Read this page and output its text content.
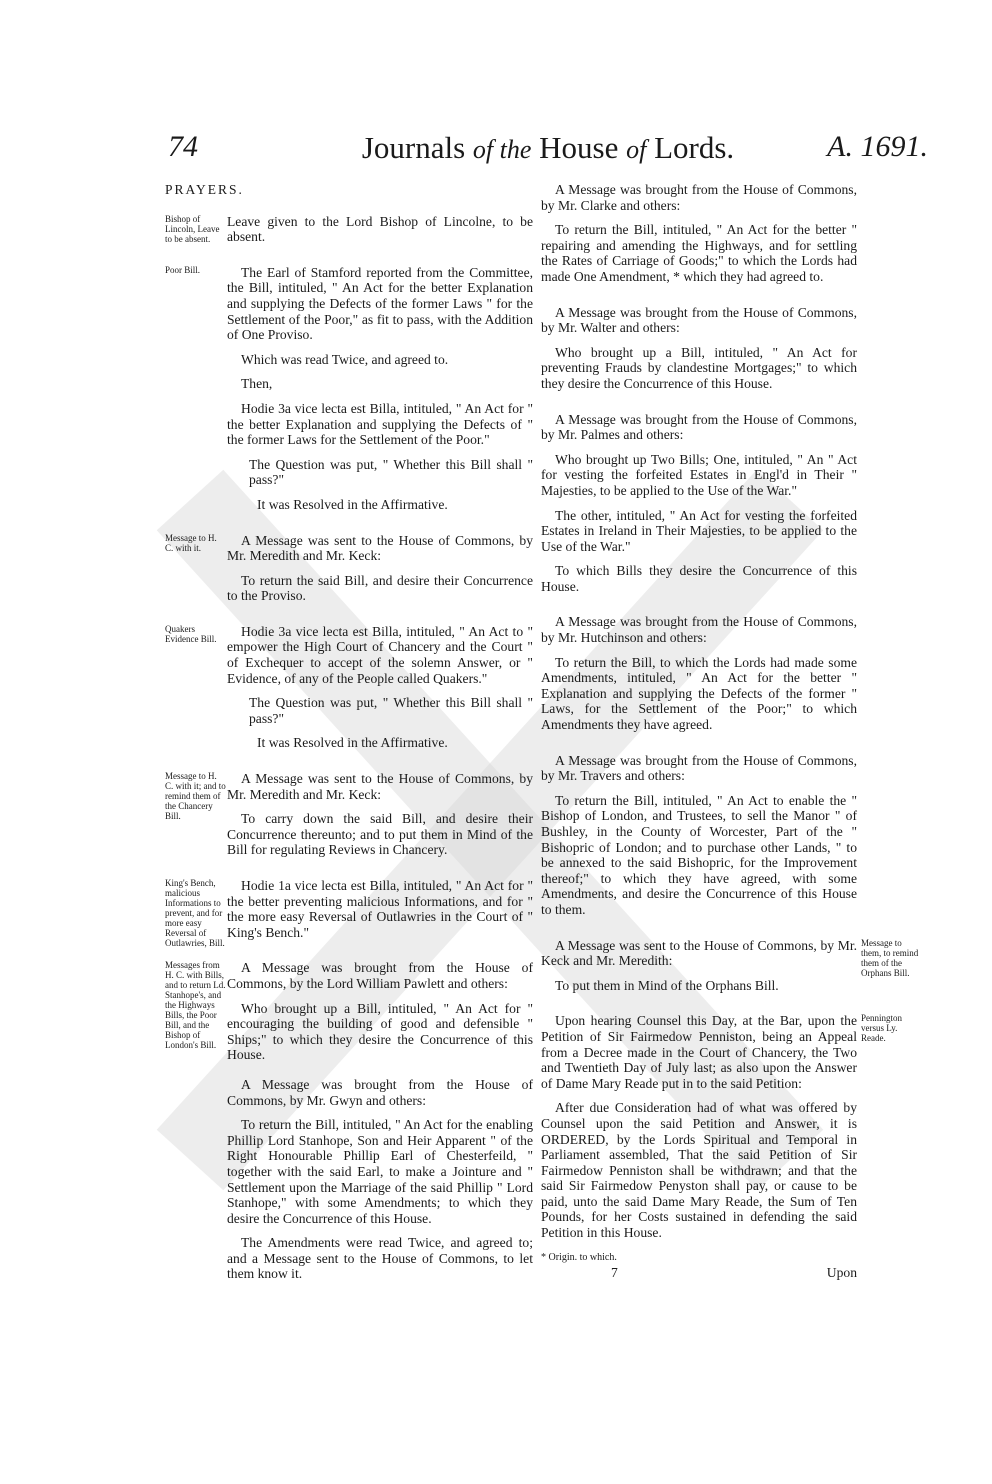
74	Journals of the House of Lords.	A. 1691.

PRAYERS.

Bishop of Lincoln, Leave to be absent.

Leave given to the Lord Bishop of Lincolne, to be absent.

Poor Bill.	The Earl of Stamford reported from the Committee, the Bill, intituled, " An Act for the better Explanation and supplying the Defects of the former Laws " for the Settlement of the Poor," as fit to pass, with the Addition of One Proviso.

Which was read Twice, and agreed to.

Then,

Hodie 3a vice lecta est Billa, intituled, " An Act for " the better Explanation and supplying the Defects of " the former Laws for the Settlement of the Poor."

The Question was put, " Whether this Bill shall " pass?"

It was Resolved in the Affirmative.

Message to H. C. with it.	A Message was sent to the House of Commons, by Mr. Meredith and Mr. Keck:

To return the said Bill, and desire their Concurrence to the Proviso.

Quakers Evidence Bill.	Hodie 3a vice lecta est Billa, intituled, " An Act to " empower the High Court of Chancery and the Court " of Exchequer to accept of the solemn Answer, or " Evidence, of any of the People called Quakers."

The Question was put, " Whether this Bill shall " pass?"

It was Resolved in the Affirmative.

Message to H. C. with it; and to remind them of the Chancery Bill.

A Message was sent to the House of Commons, by Mr. Meredith and Mr. Keck:

To carry down the said Bill, and desire their Concurrence thereunto; and to put them in Mind of the Bill for regulating Reviews in Chancery.

King's Bench, malicious Informations to prevent, and for more easy Reversal of Outlawries, Bill.

Hodie 1a vice lecta est Billa, intituled, " An Act for " the better preventing malicious Informations, and for " the more easy Reversal of Outlawries in the Court of " King's Bench."

Messages from H. C. with Bills, and to return Ld. Stanhope's, and the Highways Bills, the Poor Bill, and the Bishop of London's Bill.

A Message was brought from the House of Commons, by the Lord William Pawlett and others:

Who brought up a Bill, intituled, " An Act for " encouraging the building of good and defensible " Ships;" to which they desire the Concurrence of this House.

A Message was brought from the House of Commons, by Mr. Gwyn and others:

To return the Bill, intituled, " An Act for the enabling Phillip Lord Stanhope, Son and Heir Apparent " of the Right Honourable Phillip Earl of Chesterfeild, " together with the said Earl, to make a Jointure and " Settlement upon the Marriage of the said Phillip " Lord Stanhope," with some Amendments; to which they desire the Concurrence of this House.

The Amendments were read Twice, and agreed to; and a Message sent to the House of Commons, to let them know it.

A Message was brought from the House of Commons, by Mr. Clarke and others:

To return the Bill, intituled, " An Act for the better " repairing and amending the Highways, and for settling the Rates of Carriage of Goods;" to which the Lords had made One Amendment, * which they had agreed to.

A Message was brought from the House of Commons, by Mr. Walter and others:

Who brought up a Bill, intituled, " An Act for preventing Frauds by clandestine Mortgages;" to which they desire the Concurrence of this House.

A Message was brought from the House of Commons, by Mr. Palmes and others:

Who brought up Two Bills; One, intituled, " An " Act for vesting the forfeited Estates in Engl'd in Their " Majesties, to be applied to the Use of the War."

The other, intituled, " An Act for vesting the forfeited Estates in Ireland in Their Majesties, to be applied to the Use of the War."

To which Bills they desire the Concurrence of this House.

A Message was brought from the House of Commons, by Mr. Hutchinson and others:

To return the Bill, to which the Lords had made some Amendments, intituled, " An Act for the better " Explanation and supplying the Defects of the former " Laws, for the Settlement of the Poor;" to which Amendments they have agreed.

A Message was brought from the House of Commons, by Mr. Travers and others:

To return the Bill, intituled, " An Act to enable the " Bishop of London, and Trustees, to sell the Manor " of Bushley, in the County of Worcester, Part of the " Bishopric of London; and to purchase other Lands, " to be annexed to the said Bishopric, for the Improvement thereof;" to which they have agreed, with some Amendments, and desire the Concurrence of this House to them.

Message to them, to remind them of the Orphans Bill.

A Message was sent to the House of Commons, by Mr. Keck and Mr. Meredith:

To put them in Mind of the Orphans Bill.

Pennington versus Ly. Reade.

Upon hearing Counsel this Day, at the Bar, upon the Petition of Sir Fairmedow Penniston, being an Appeal from a Decree made in the Court of Chancery, the Two and Twentieth Day of July last; as also upon the Answer of Dame Mary Reade put in to the said Petition:

After due Consideration had of what was offered by Counsel upon the said Petition and Answer, it is ORDERED, by the Lords Spiritual and Temporal in Parliament assembled, That the said Petition of Sir Fairmedow Penniston shall be withdrawn; and that the said Sir Fairmedow Penyston shall pay, or cause to be paid, unto the said Dame Mary Reade, the Sum of Ten Pounds, for her Costs sustained in defending the said Petition in this House.

* Origin. to which.

7	Upon
